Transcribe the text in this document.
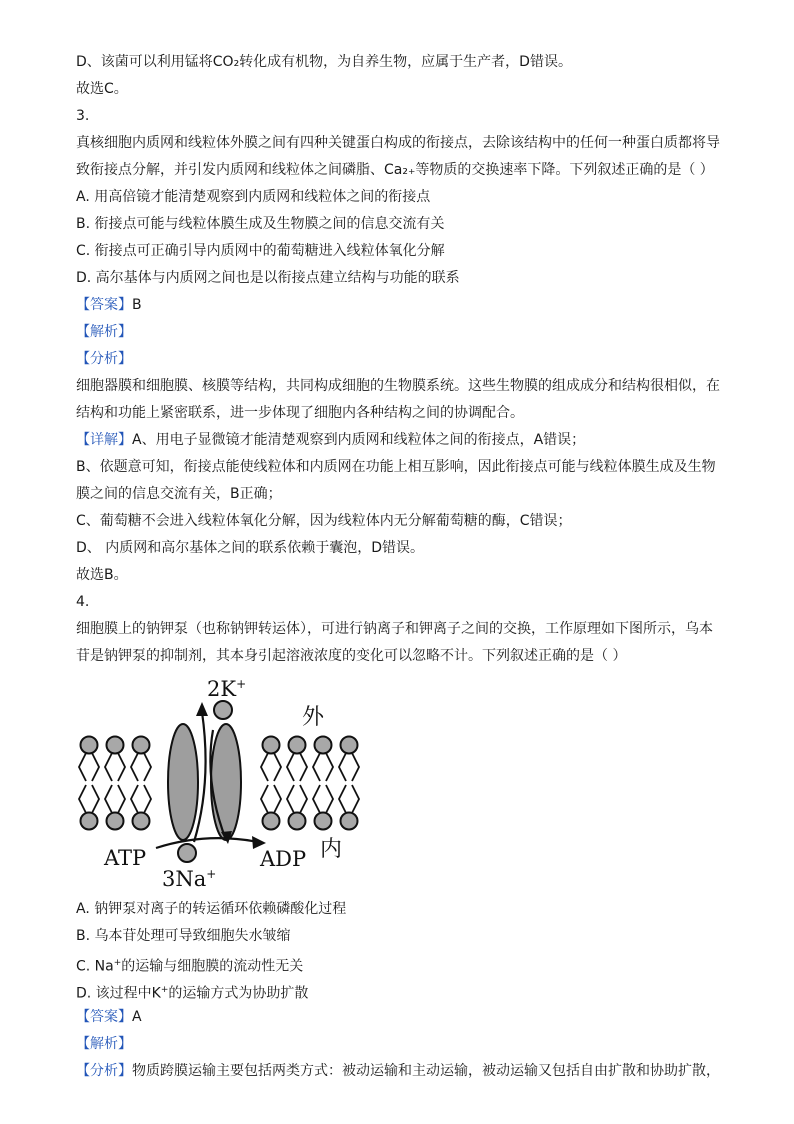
D、该菌可以利用锰将CO₂转化成有机物，为自养生物，应属于生产者，D错误。
故选C。
3.
真核细胞内质网和线粒体外膜之间有四种关键蛋白构成的衔接点，去除该结构中的任何一种蛋白质都将导
致衔接点分解，并引发内质网和线粒体之间磷脂、Ca₂₊等物质的交换速率下降。下列叙述正确的是（ ）
A. 用高倍镜才能清楚观察到内质网和线粒体之间的衔接点
B. 衔接点可能与线粒体膜生成及生物膜之间的信息交流有关
C. 衔接点可正确引导内质网中的葡萄糖进入线粒体氧化分解
D. 高尔基体与内质网之间也是以衔接点建立结构与功能的联系
【答案】B
【解析】
【分析】
细胞器膜和细胞膜、核膜等结构，共同构成细胞的生物膜系统。这些生物膜的组成成分和结构很相似，在
结构和功能上紧密联系，进一步体现了细胞内各种结构之间的协调配合。
【详解】A、用电子显微镜才能清楚观察到内质网和线粒体之间的衔接点，A错误；
B、依题意可知，衔接点能使线粒体和内质网在功能上相互影响，因此衔接点可能与线粒体膜生成及生物
膜之间的信息交流有关，B正确；
C、葡萄糖不会进入线粒体氧化分解，因为线粒体内无分解葡萄糖的酶，C错误；
D、 内质网和高尔基体之间的联系依赖于囊泡，D错误。
故选B。
4.
细胞膜上的钠钾泵（也称钠钾转运体），可进行钠离子和钾离子之间的交换，工作原理如下图所示，乌本
苷是钠钾泵的抑制剂，其本身引起溶液浓度的变化可以忽略不计。下列叙述正确的是（ ）
2K+
外
ATP	ADP 内
3Na+
A. 钠钾泵对离子的转运循环依赖磷酸化过程
B. 乌本苷处理可导致细胞失水皱缩
C. Na+的运输与细胞膜的流动性无关
D. 该过程中K+的运输方式为协助扩散
【答案】A
【解析】
【分析】物质跨膜运输主要包括两类方式：被动运输和主动运输，被动运输又包括自由扩散和协助扩散，
